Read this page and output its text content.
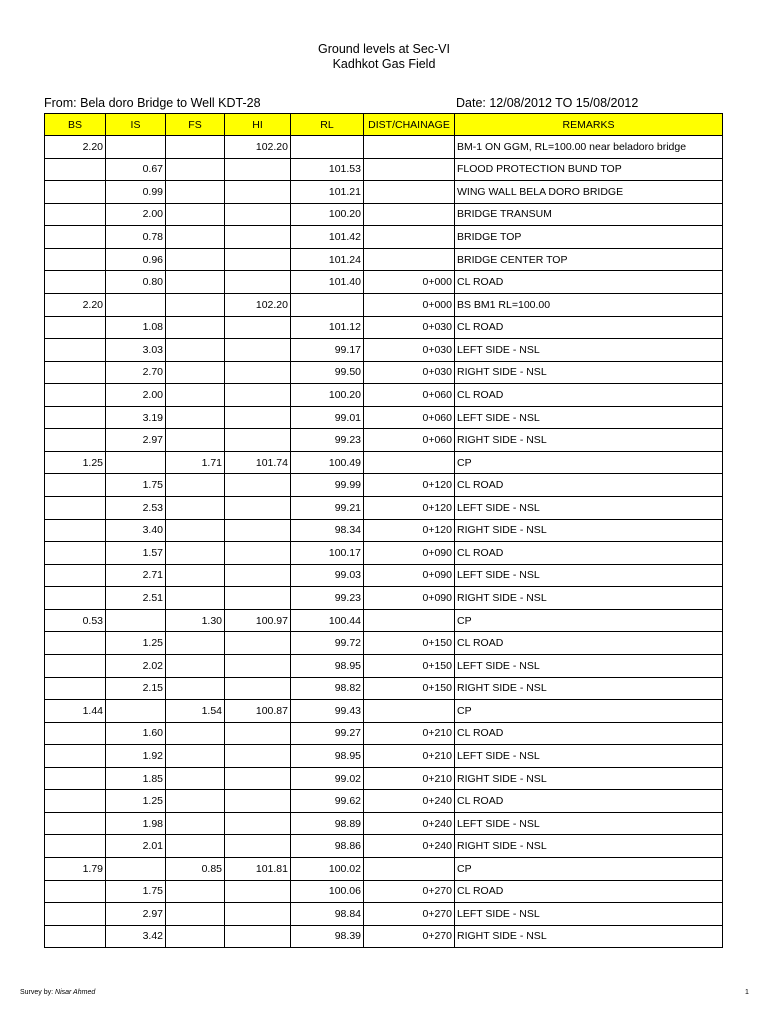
Ground levels at Sec-VI
Kadhkot Gas Field
From: Bela doro Bridge to Well KDT-28	Date: 12/08/2012 TO 15/08/2012
BS	IS	FS	HI	RL	DIST/CHAINAGE	REMARKS
2.20			102.20			BM-1 ON GGM, RL=100.00 near beladoro bridge
	0.67			101.53		FLOOD PROTECTION BUND TOP
	0.99			101.21		WING WALL BELA DORO BRIDGE
	2.00			100.20		BRIDGE TRANSUM
	0.78			101.42		BRIDGE TOP
	0.96			101.24		BRIDGE CENTER TOP
	0.80			101.40	0+000	CL ROAD
2.20			102.20		0+000	BS BM1 RL=100.00
	1.08			101.12	0+030	CL ROAD
	3.03			99.17	0+030	LEFT SIDE - NSL
	2.70			99.50	0+030	RIGHT SIDE - NSL
	2.00			100.20	0+060	CL ROAD
	3.19			99.01	0+060	LEFT SIDE - NSL
	2.97			99.23	0+060	RIGHT SIDE - NSL
1.25		1.71	101.74	100.49		CP
	1.75			99.99	0+120	CL ROAD
	2.53			99.21	0+120	LEFT SIDE - NSL
	3.40			98.34	0+120	RIGHT SIDE - NSL
	1.57			100.17	0+090	CL ROAD
	2.71			99.03	0+090	LEFT SIDE - NSL
	2.51			99.23	0+090	RIGHT SIDE - NSL
0.53		1.30	100.97	100.44		CP
	1.25			99.72	0+150	CL ROAD
	2.02			98.95	0+150	LEFT SIDE - NSL
	2.15			98.82	0+150	RIGHT SIDE - NSL
1.44		1.54	100.87	99.43		CP
	1.60			99.27	0+210	CL ROAD
	1.92			98.95	0+210	LEFT SIDE - NSL
	1.85			99.02	0+210	RIGHT SIDE - NSL
	1.25			99.62	0+240	CL ROAD
	1.98			98.89	0+240	LEFT SIDE - NSL
	2.01			98.86	0+240	RIGHT SIDE - NSL
1.79		0.85	101.81	100.02		CP
	1.75			100.06	0+270	CL ROAD
	2.97			98.84	0+270	LEFT SIDE - NSL
	3.42			98.39	0+270	RIGHT SIDE - NSL
Survey by: Nisar Ahmed	1
